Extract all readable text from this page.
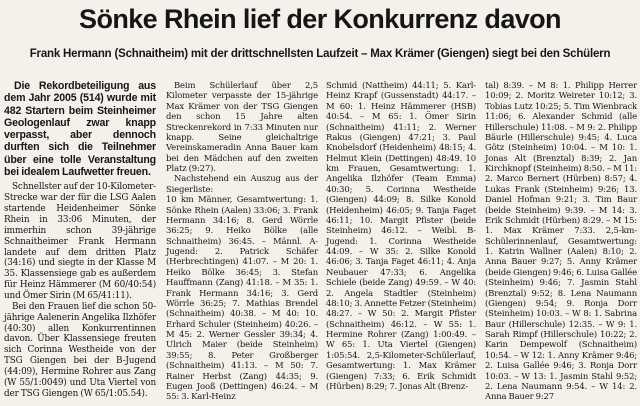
Sönke Rhein lief der Konkurrenz davon
Frank Hermann (Schnaitheim) mit der drittschnellsten Laufzeit – Max Krämer (Giengen) siegt bei den Schülern

Die Rekordbeteiligung aus dem Jahr 2005 (514) wurde mit 482 Startern beim Steinheimer Geologenlauf zwar knapp verpasst, aber dennoch durften sich die Teilnehmer über eine tolle Veranstaltung bei idealem Laufwetter freuen.

Schnellster auf der 10-Kilometer-Strecke war der für die LSG Aalen startende Heidenheimer Sönke Rhein in 33:06 Minuten, der immerhin schon 39-jährige Schnaitheimer Frank Hermann landete auf dem dritten Platz (34:16) und siegte in der Klasse M 35. Klassensiege gab es außerdem für Heinz Hämmerer (M 60/40:54) und Ömer Sirin (M 65/41:11).

Bei den Frauen lief die schon 50-jährige Aalenerin Angelika Ilzhöfer (40:30) allen Konkurrentinnen davon. Über Klassensiege freuten sich Corinna Westheide von der TSG Giengen bei der B-Jugend (44:09), Hermine Rohrer aus Zang (W 55/1:0049) und Uta Viertel von der TSG Giengen (W 65/1:05.54).

Beim Schülerlauf über 2,5 Kilometer verpasste der 15-jährige Max Krämer von der TSG Giengen den schon 15 Jahre alten Streckenrekord in 7:33 Minuten nur knapp. Seine gleichaltrige Vereinskameradin Anna Bauer kam bei den Mädchen auf den zweiten Platz (9:27).

Nachstehend ein Auszug aus der Siegerliste:

10 km Männer, Gesamtwertung: 1. Sönke Rhein (Aalen) 33:06; 3. Frank Hermann 34:16; 8. Gerd Wörrle 36:25; 9. Heiko Bölke (alle Schnaitheim) 36:45. – Männl. A-Jugend: 2. Patrick Schäfer (Herbrechtingen) 41:07. – M 20: 1. Heiko Bölke 36:45; 3. Stefan Hauffmann (Zang) 41:18. – M 35: 1. Frank Hermann 34:16; 3. Gerd Wörrle 36:25; 7. Mathias Brendel (Schnaitheim) 40:38. – M 40: 10. Erhard Schuler (Steinheim) 40:26. – M 45: 2. Werner Gessler 39:34; 4. Ulrich Maier (beide Steinheim) 39:55; 8. Peter Großberger (Schnaitheim) 41:13. – M 50: 7. Rainer Herbst (Zang) 44:35; 9. Eugen Jooß (Dettingen) 46:24. – M 55: 3. Karl-Heinz

Schmid (Nattheim) 44:11; 5. Karl-Heinz Krapf (Gussenstadt) 44:17. – M 60: 1. Heinz Hämmerer (HSB) 40:54. – M 65: 1. Ömer Sirin (Schnaitheim) 41:11; 2. Werner Rakus (Giengen) 47:21; 3. Paul Knobelsdorf (Heidenheim) 48:15; 4. Helmut Klein (Dettingen) 48:49. 10 km Frauen, Gesamtwertung: 1. Angelika Ilzhöfer (Team Emma) 40:30; 5. Corinna Westheide (Giengen) 44:09; 8. Silke Konold (Heidenheim) 46:05; 9. Tanja Faget 46:11; 10. Margit Pfister (beide Steinheim) 46:12. – Weibl. B-Jugend: 1. Corinna Westheide 44:09. – W 35: 2. Silke Konold 46:06; 3. Tanja Faget 46:11; 4. Anja Neubauer 47:33; 6. Angelika Schiele (beide Zang) 49:59. – W 40: 2. Angela Stadtler (Steinheim) 48:10; 3. Annette Fetzer (Steinheim) 48:27. – W 50: 2. Margit Pfister (Schnaitheim) 46:12. – W 55: 1. Hermine Rohrer (Zang) 1:00:49. – W 65: 1. Uta Viertel (Giengen) 1:05:54. 2,5-Kilometer-Schülerlauf, Gesamtwertung: 1. Max Krämer (Giengen) 7:33; 6. Erik Schmidt (Hürben) 8:29; 7. Jonas Alt (Brenz-

tal) 8:39. – M 8: 1. Philipp Herrer 10:09; 2. Moritz Weireter 10:12; 3. Tobias Lutz 10:25; 5. Tim Wienbrack 11:06; 6. Alexander Schmid (alle Hillerschule) 11:08. – M 9: 2. Philipp Bäurle (Hillerschule) 9:45; 4. Luca Götz (Steinheim) 10:04. – M 10: 1. Jonas Alt (Brenztal) 8:39; 2. Jan Kirchknopf (Steinheim) 8:50. – M 11: 2. Marco Bernert (Hürben) 8:57; 4. Lukas Frank (Steinheim) 9:26; 13. Daniel Hofman 9:21; 3. Tim Baur (beide Steinheim) 9:39. – M 14: 3. Erik Schmidt (Hürben) 8:29. – M 15: 1. Max Krämer 7:33. 2,5-km-Schülerinnenlauf, Gesamtwertung: 1. Katrin Wallner (Aalen) 8:10; 2. Anna Bauer 9:27; 5. Anny Krämer (beide Giengen) 9:46; 6. Luisa Gallée (Steinheim) 9:46; 7. Jasmin Stahl (Brenztal) 9:52; 8. Lena Naumann (Giengen) 9:54; 9. Ronja Dorr (Steinheim) 10:03. – W 8: 1. Sabrina Baur (Hillerschule) 12:35. – W 9: 1. Sarah Rimpf (Hillerschule) 10:22; 2. Karin Dempewolf (Schnaitheim) 10:54. – W 12: 1. Anny Krämer 9:46; 2. Luisa Gallée 9:46; 3. Ronja Dorr 10:03. – W 13: 1. Jasmin Stahl 9:52; 2. Lena Naumann 9:54. – W 14: 2. Anna Bauer 9:27
